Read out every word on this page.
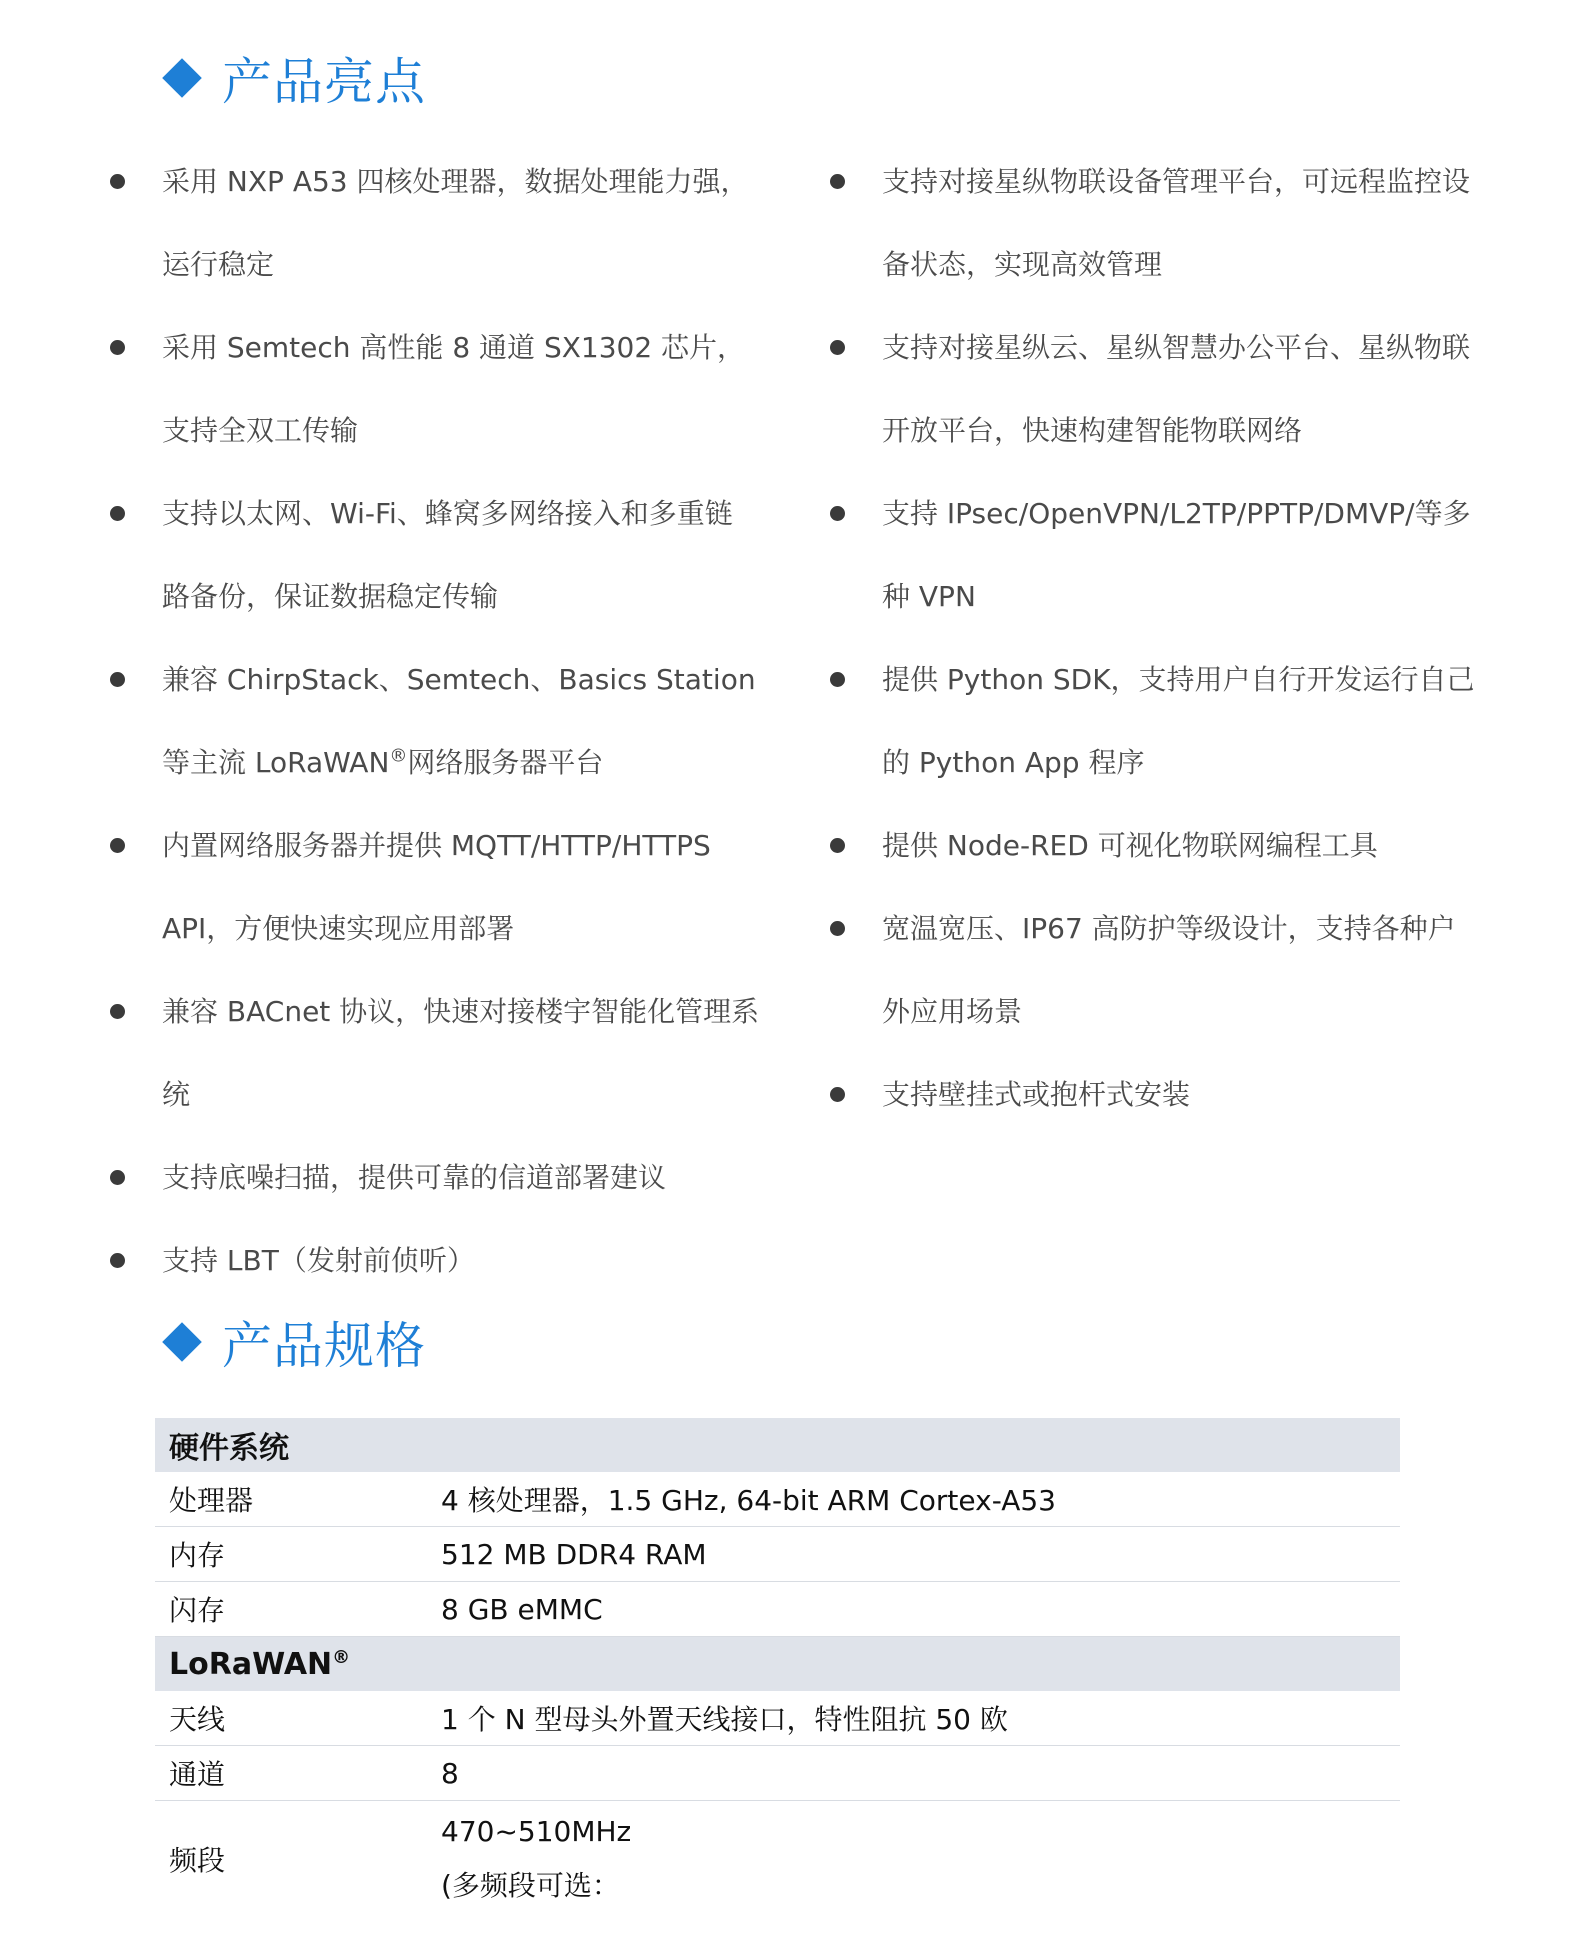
产品亮点
采用 NXP A53 四核处理器，数据处理能力强，运行稳定
采用 Semtech 高性能 8 通道 SX1302 芯片，支持全双工传输
支持以太网、Wi-Fi、蜂窝多网络接入和多重链路备份，保证数据稳定传输
兼容 ChirpStack、Semtech、Basics Station 等主流 LoRaWAN®网络服务器平台
内置网络服务器并提供 MQTT/HTTP/HTTPS API，方便快速实现应用部署
兼容 BACnet 协议，快速对接楼宇智能化管理系统
支持底噪扫描，提供可靠的信道部署建议
支持 LBT（发射前侦听）
支持对接星纵物联设备管理平台，可远程监控设备状态，实现高效管理
支持对接星纵云、星纵智慧办公平台、星纵物联开放平台，快速构建智能物联网络
支持 IPsec/OpenVPN/L2TP/PPTP/DMVP/等多种 VPN
提供 Python SDK，支持用户自行开发运行自己的 Python App 程序
提供 Node-RED 可视化物联网编程工具
宽温宽压、IP67 高防护等级设计，支持各种户外应用场景
支持壁挂式或抱杆式安装
产品规格
硬件系统	
处理器	4 核处理器，1.5 GHz, 64-bit ARM Cortex-A53
内存	512 MB DDR4 RAM
闪存	8 GB eMMC
LoRaWAN®
天线	1 个 N 型母头外置天线接口，特性阻抗 50 欧
通道	8
频段	470~510MHz
(多频段可选：
